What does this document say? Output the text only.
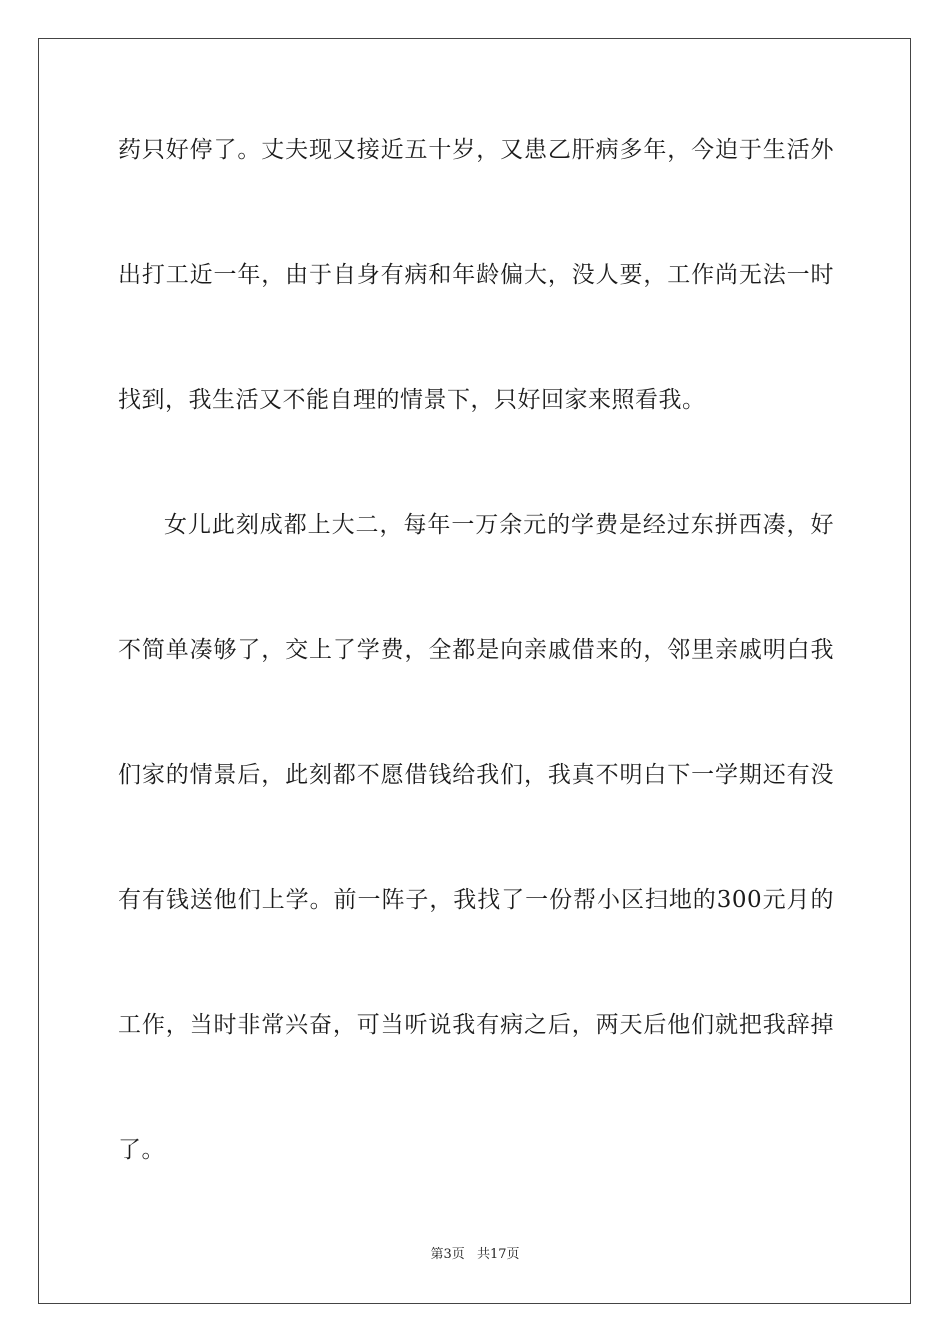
药只好停了。丈夫现又接近五十岁，又患乙肝病多年，今迫于生活外
出打工近一年，由于自身有病和年龄偏大，没人要，工作尚无法一时
找到，我生活又不能自理的情景下，只好回家来照看我。
女儿此刻成都上大二，每年一万余元的学费是经过东拼西凑，好
不简单凑够了，交上了学费，全都是向亲戚借来的，邻里亲戚明白我
们家的情景后，此刻都不愿借钱给我们，我真不明白下一学期还有没
有有钱送他们上学。前一阵子，我找了一份帮小区扫地的300元月的
工作，当时非常兴奋，可当听说我有病之后，两天后他们就把我辞掉
了。
第3页 共17页
